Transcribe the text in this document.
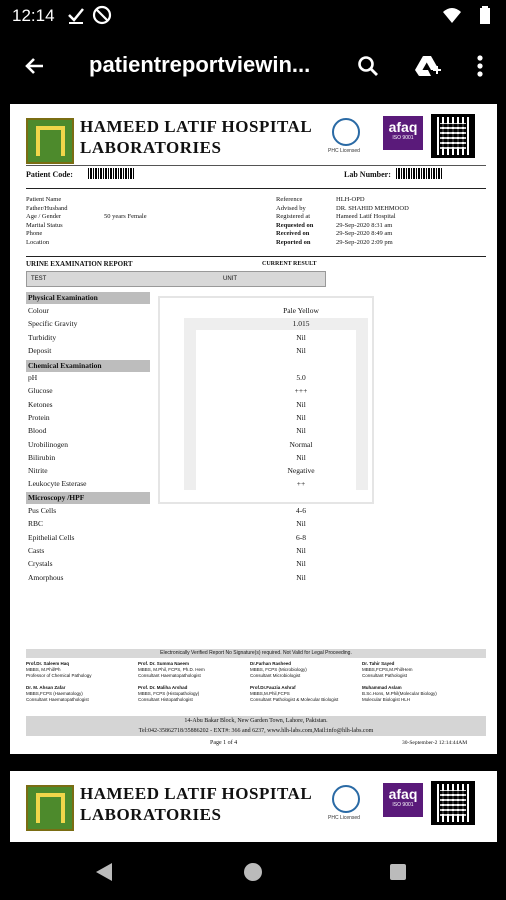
12:14
patientreportviewin...
HAMEED LATIF HOSPITAL
LABORATORIES	PHC Licensed
afaq
ISO 9001
Patient Code:	Lab Number:
Patient Name
Father/Husband
Age / Gender	50 years Female
Marital Status
Phone
Location
Reference	HLH-OPD
Advised by	DR. SHAHID MEHMOOD
Registered at	Hameed Latif Hospital
Requested on	29-Sep-2020 8:31 am
Received on	29-Sep-2020 8:49 am
Reported on	29-Sep-2020 2:09 pm
URINE EXAMINATION REPORT	CURRENT RESULT
TEST	UNIT
Physical Examination
Colour	Pale Yellow
Specific Gravity	1.015
Turbidity	Nil
Deposit	Nil
Chemical Examination
pH	5.0
Glucose	+++
Ketones	Nil
Protein	Nil
Blood	Nil
Urobilinogen	Normal
Bilirubin	Nil
Nitrite	Negative
Leukocyte Esterase	++
Microscopy /HPF
Pus Cells	4-6
RBC	Nil
Epithelial Cells	6-8
Casts	Nil
Crystals	Nil
Amorphous	Nil
Electronically Verified Report No Signature(s) required. Not Valid for Legal Proceeding.
Prof.Dr. Saleem Haq
MBBS, M.Phil/Ph
Professor of Chemical Pathology
Prof. Dr. Summa Naeem
MBBS, M.Phil, FCPS, Ph.D. Hem
Consultant Haematopathologist
Dr.Farhan Rasheed
MBBS, FCPS (Microbiology)
Consultant Microbiologist
Dr. Tahir Sayed
MBBS,FCPS,M.Phil/Hem
Consultant Pathologist
Dr. M. Ahsan Zafar
MBBS,FCPS (Haematology)
Consultant Haematopathologist
Prof. Dr. Maliha Arshad
MBBS, FCPS (Histopathology)
Consultant Histopathologist
Prof.Dr.Fauzia Ashraf
MBBS,M.Phil,FCPS
Consultant Pathologist & Molecular Biologist
Muhammad Aslam
B.Sc.Hons, M.Phil(Molecular Biology)
Molecular Biologist HLH
14-Abu Bakar Block, New Garden Town, Lahore, Pakistan.
Tel:042-35862718/35886202 - EXT#: 366 and 6237, www.hlh-labs.com,Mail:info@hlh-labs.com
Page 1 of 4	30-September-2 12:14:44AM
HAMEED LATIF HOSPITAL
LABORATORIES	PHC Licensed
afaq
ISO 9001
